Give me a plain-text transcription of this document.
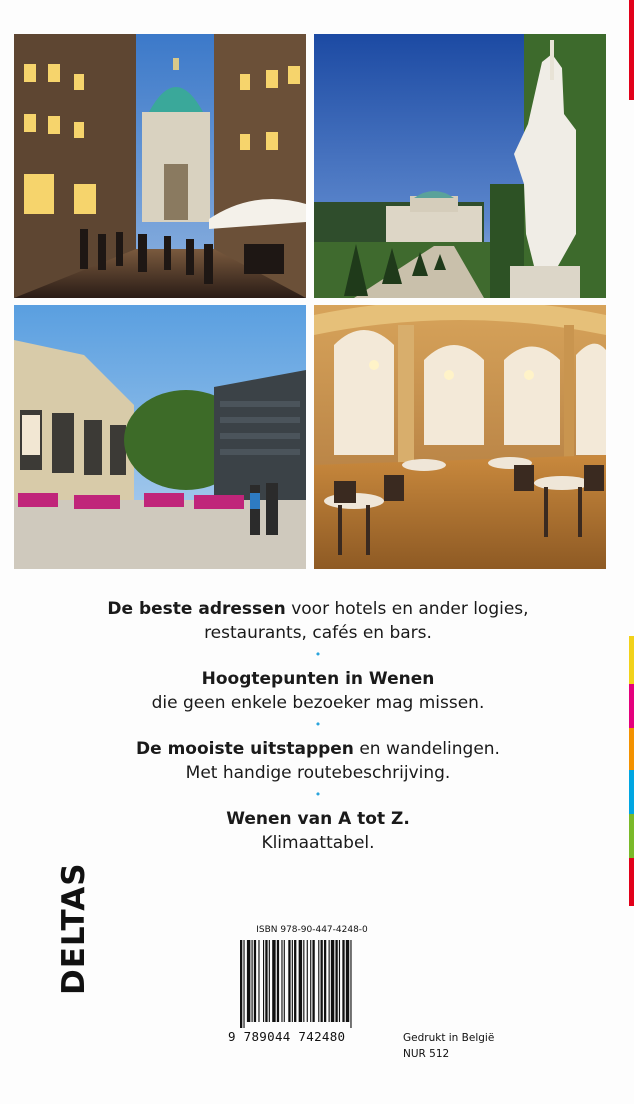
De beste adressen voor hotels en ander logies,
restaurants, cafés en bars.

•

Hoogtepunten in Wenen
die geen enkele bezoeker mag missen.

•

De mooiste uitstappen en wandelingen.
Met handige routebeschrijving.

•

Wenen van A tot Z.
Klimaattabel.

DELTAS	ISBN 978-90-447-4248-0
9 789044 742480	Gedrukt in België
NUR 512
